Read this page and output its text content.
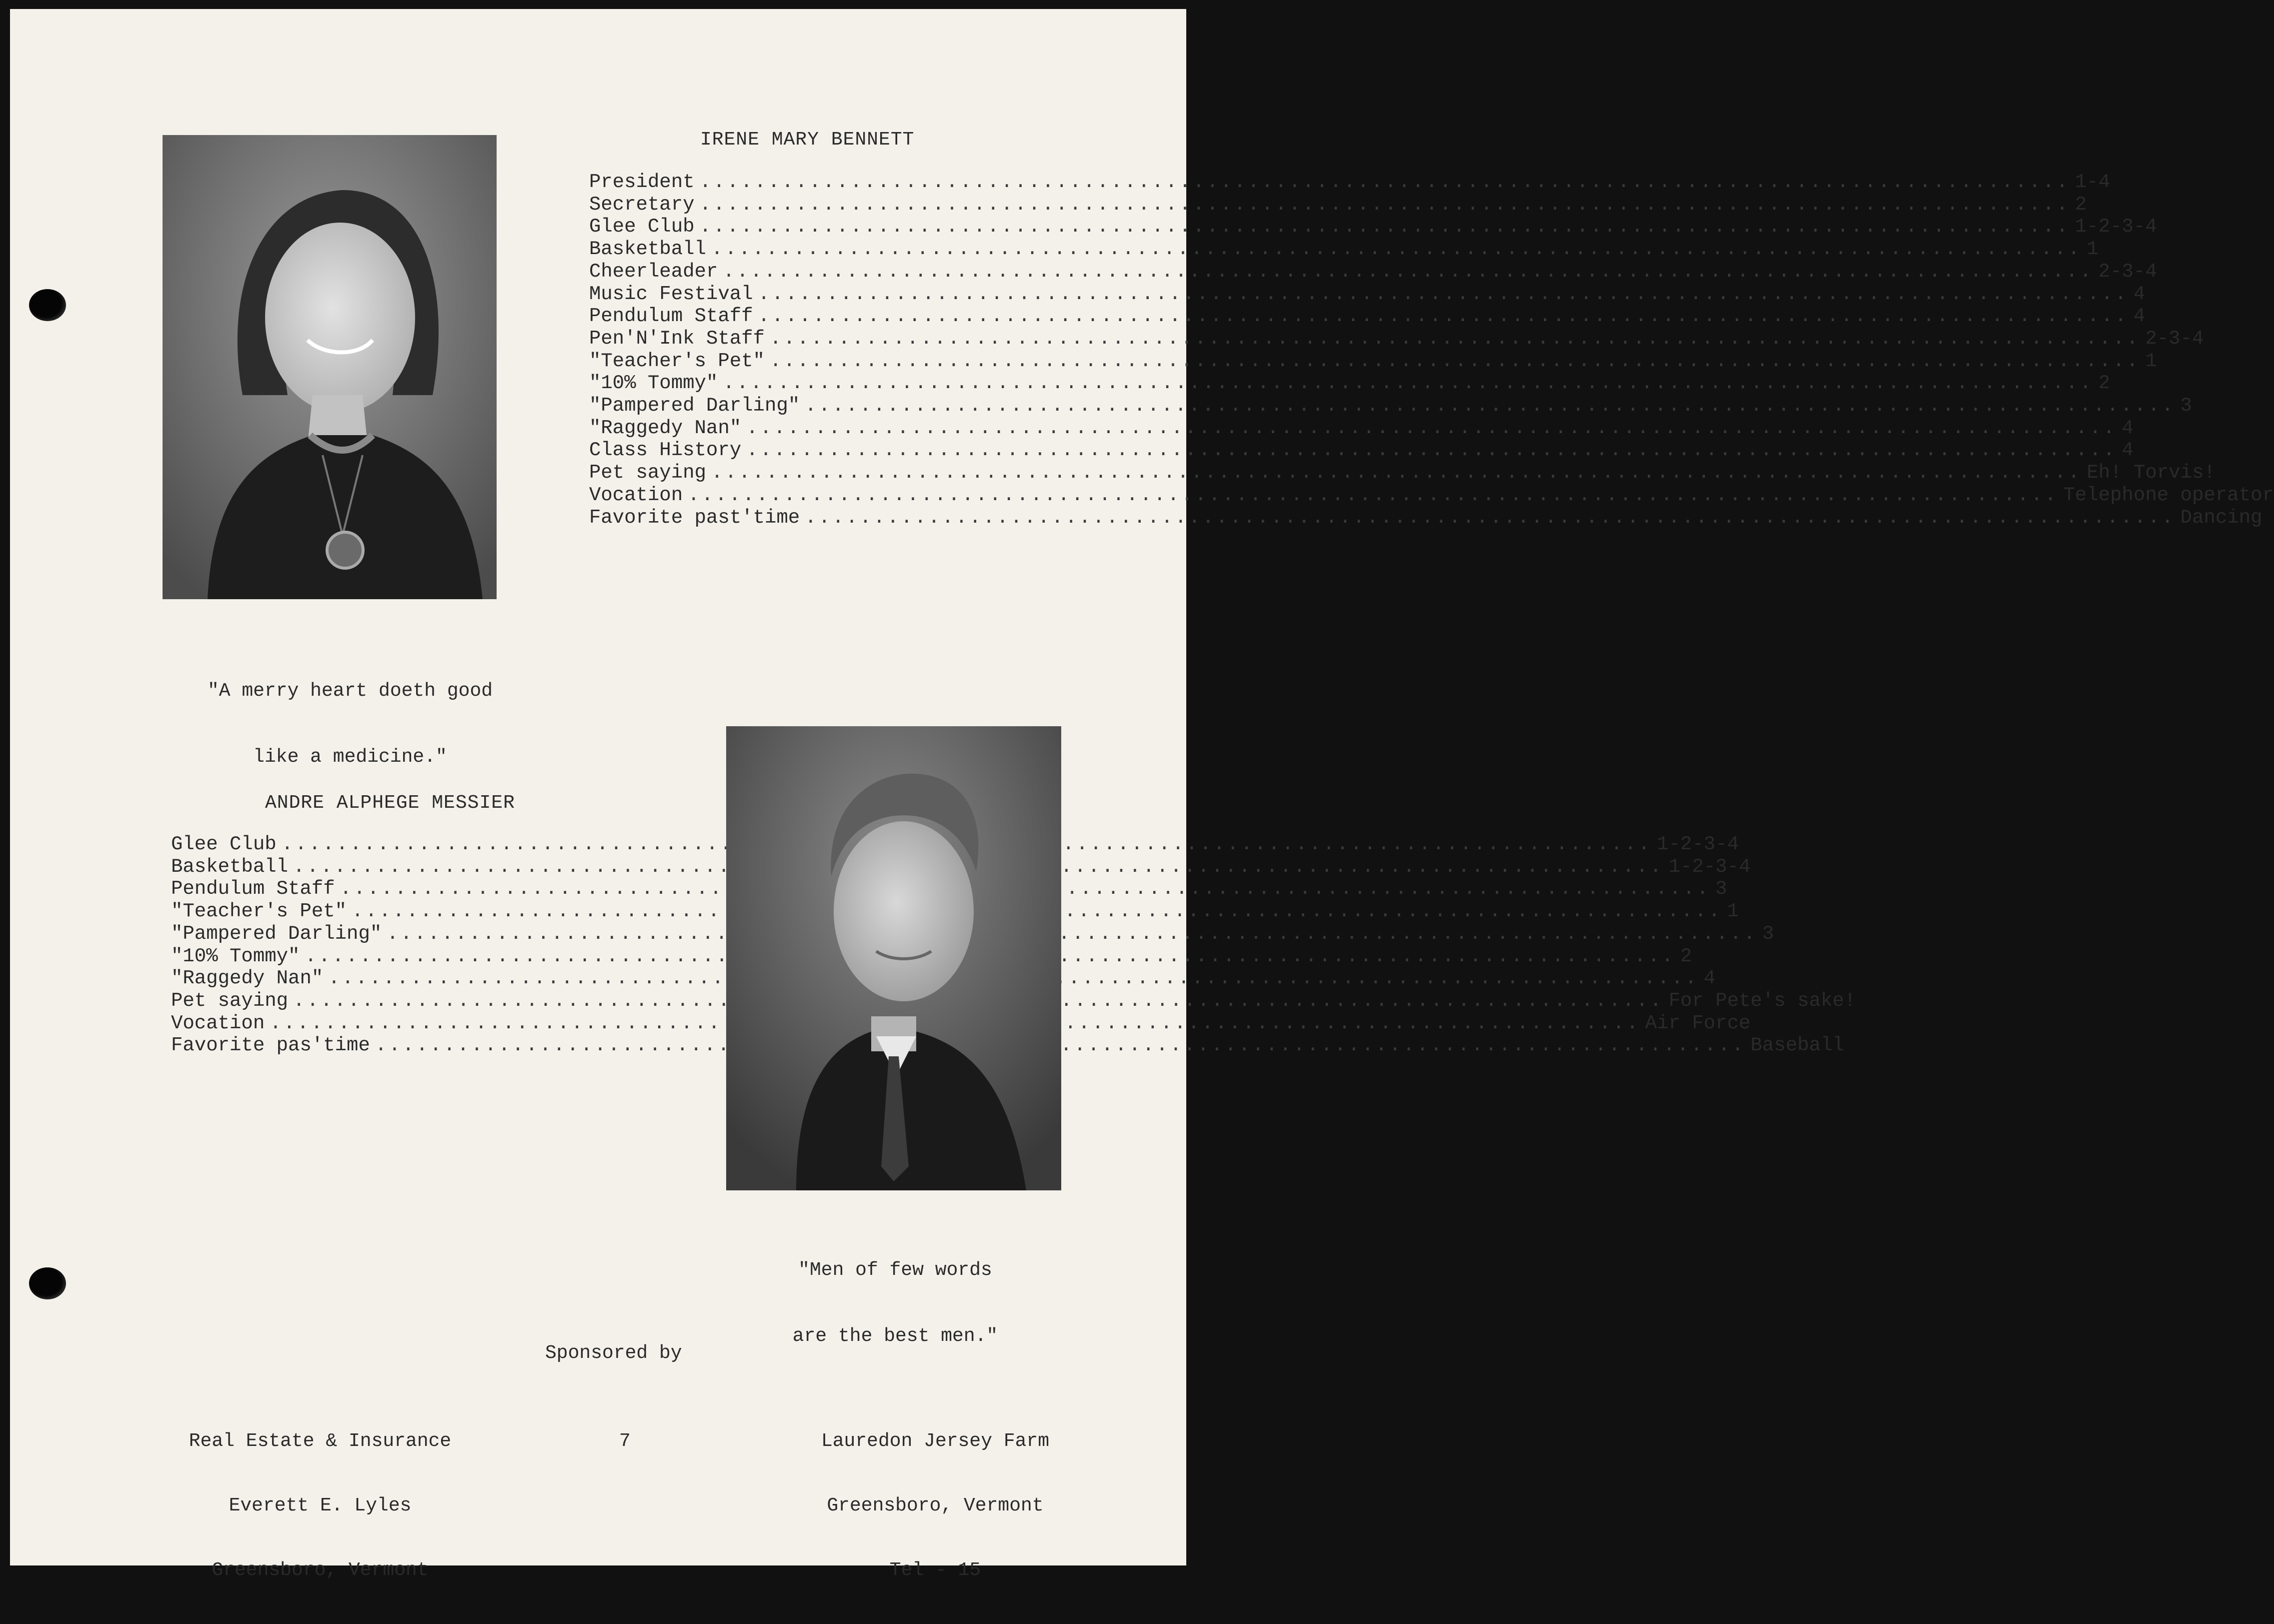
IRENE MARY BENNETT
President .....	1-4
Secretary .....	2
Glee Club .....	1-2-3-4
Basketball .....	1
Cheerleader .....	2-3-4
Music Festival .....	4
Pendulum Staff .....	4
Pen'N'Ink Staff .....	2-3-4
"Teacher's Pet" .....	1
"10% Tommy" .....	2
"Pampered Darling" .....	3
"Raggedy Nan" .....	4
Class History .....	4
Pet saying .....	Eh! Torvis!
Vocation .....	Telephone operator
Favorite past'time .....	Dancing

"A merry heart doeth good

like a medicine."

ANDRE ALPHEGE MESSIER
Glee Club .....	1-2-3-4
Basketball .....	1-2-3-4
Pendulum Staff .....	3
"Teacher's Pet" .....	1
"Pampered Darling" .....	3
"10% Tommy" .....	2
"Raggedy Nan" .....	4
Pet saying .....	For Pete's sake!
Vocation .....	Air Force
Favorite pas'time .....	Baseball

"Men of few words

are the best men."

Sponsored by

Real Estate & Insurance

Everett E. Lyles

Greensboro, Vermont

7

	Lauredon Jersey Farm

Greensboro, Vermont

Tel - 15
